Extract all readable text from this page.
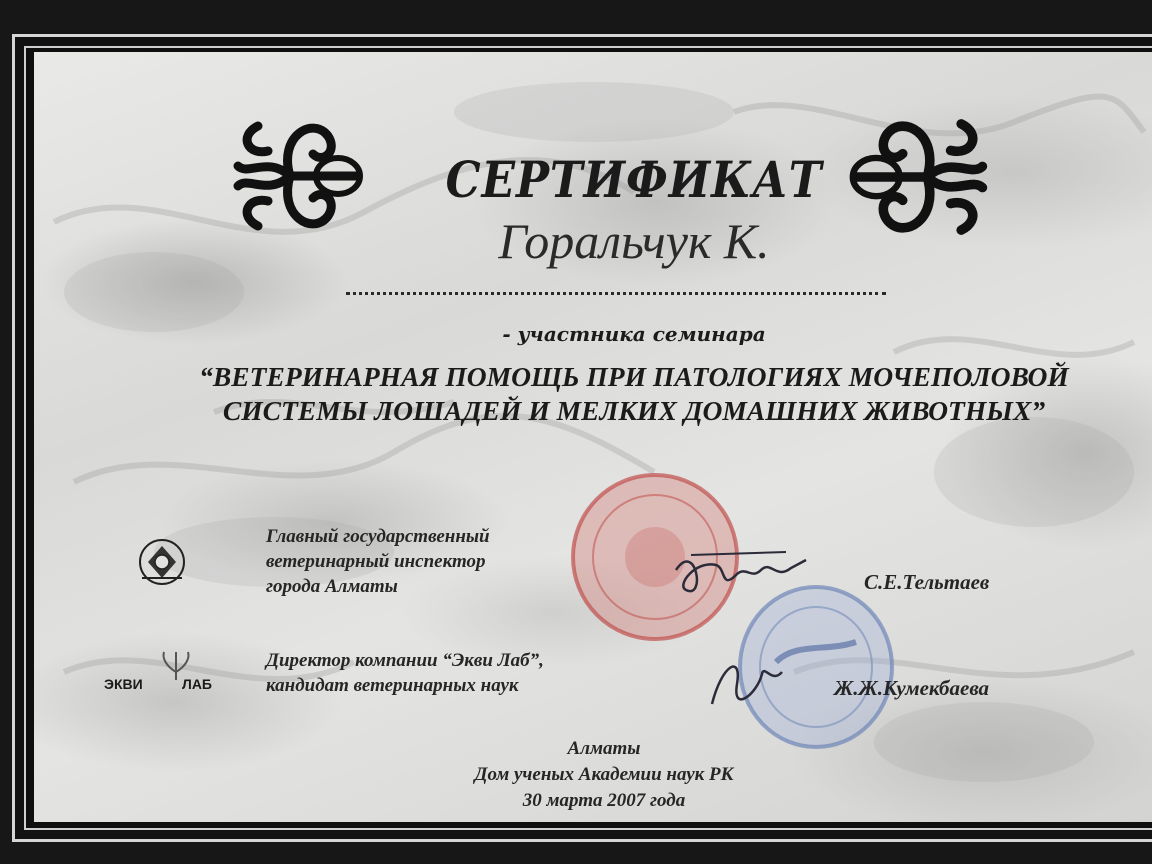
СЕРТИФИКАТ
Горальчук К.
- участника семинара
“ВЕТЕРИНАРНАЯ ПОМОЩЬ ПРИ ПАТОЛОГИЯХ МОЧЕПОЛОВОЙ СИСТЕМЫ ЛОШАДЕЙ И МЕЛКИХ ДОМАШНИХ ЖИВОТНЫХ”
ЭКВИ	ЛАБ
Главный государственный
ветеринарный инспектор
города Алматы	С.Е.Тельтаев
Директор компании “Экви Лаб”,
кандидат ветеринарных наук	Ж.Ж.Кумекбаева
Алматы
Дом ученых Академии наук РК
30 марта 2007 года
